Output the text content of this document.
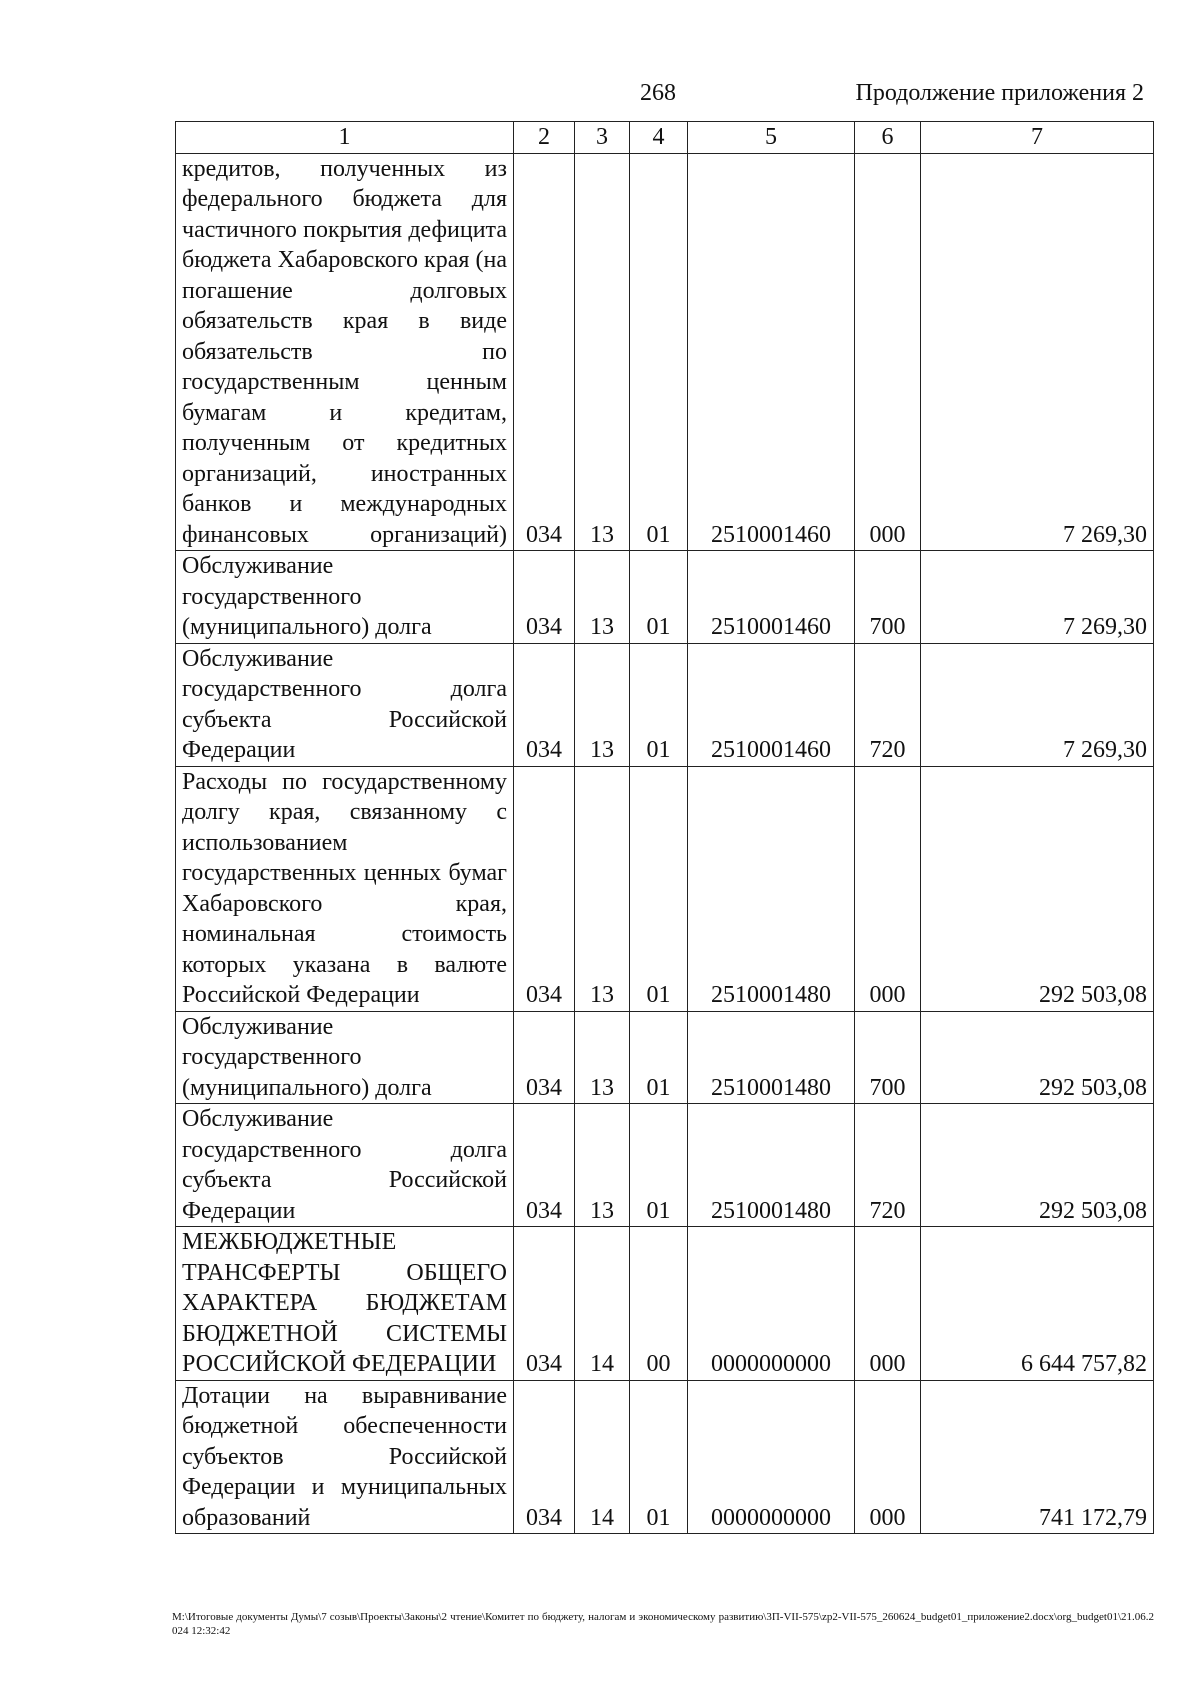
268	Продолжение приложения 2
1	2	3	4	5	6	7
кредитов, полученных из федерального бюджета для частичного покрытия дефицита бюджета Хабаровского края (на погашение долговых обязательств края в виде обязательств по государственным ценным бумагам и кредитам, полученным от кредитных организаций, иностранных банков и международных финансовых организаций)	034	13	01	2510001460	000	7 269,30
Обслуживание государственного (муниципального) долга	034	13	01	2510001460	700	7 269,30
Обслуживание государственного долга субъекта Российской Федерации	034	13	01	2510001460	720	7 269,30
Расходы по государственному долгу края, связанному с использованием государственных ценных бумаг Хабаровского края, номинальная стоимость которых указана в валюте Российской Федерации	034	13	01	2510001480	000	292 503,08
Обслуживание государственного (муниципального) долга	034	13	01	2510001480	700	292 503,08
Обслуживание государственного долга субъекта Российской Федерации	034	13	01	2510001480	720	292 503,08
МЕЖБЮДЖЕТНЫЕ ТРАНСФЕРТЫ ОБЩЕГО ХАРАКТЕРА БЮДЖЕТАМ БЮДЖЕТНОЙ СИСТЕМЫ РОССИЙСКОЙ ФЕДЕРАЦИИ	034	14	00	0000000000	000	6 644 757,82
Дотации на выравнивание бюджетной обеспеченности субъектов Российской Федерации и муниципальных образований	034	14	01	0000000000	000	741 172,79
M:\Итоговые документы Думы\7 созыв\Проекты\Законы\2 чтение\Комитет по бюджету, налогам и экономическому развитию\3П-VII-575\zp2-VII-575_260624_budget01_приложение2.docx\org_budget01\21.06.2024 12:32:42
